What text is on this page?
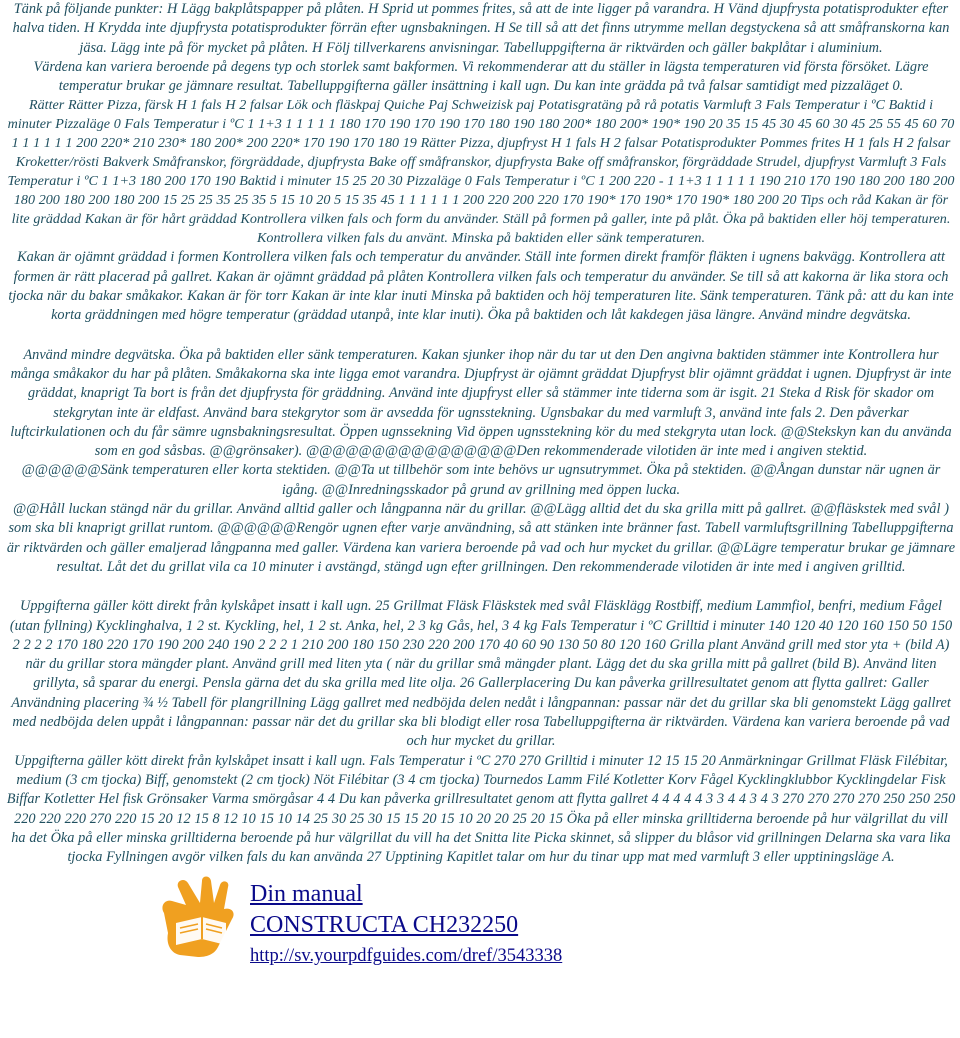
Tänk på följande punkter: H Lägg bakplåtspapper på plåten. H Sprid ut pommes frites, så att de inte ligger på varandra. H Vänd djupfrysta potatisprodukter efter halva tiden. H Krydda inte djupfrysta potatisprodukter förrän efter ugnsbakningen. H Se till så att det finns utrymme mellan degstyckena så att småfranskorna kan jäsa. Lägg inte på för mycket på plåten. H Följ tillverkarens anvisningar. Tabelluppgifterna är riktvärden och gäller bakplåtar i aluminium.

Värdena kan variera beroende på degens typ och storlek samt bakformen. Vi rekommenderar att du ställer in lägsta temperaturen vid första försöket. Lägre temperatur brukar ge jämnare resultat. Tabelluppgifterna gäller insättning i kall ugn. Du kan inte grädda på två falsar samtidigt med pizzaläget 0.

Rätter Rätter Pizza, färsk H 1 fals H 2 falsar Lök och fläskpaj Quiche Paj Schweizisk paj Potatisgratäng på rå potatis Varmluft 3 Fals Temperatur i ºC Baktid i minuter Pizzaläge 0 Fals Temperatur i ºC 1 1+3 1 1 1 1 1 180 170 190 170 190 170 180 190 180 200* 180 200* 190* 190 20 35 15 45 30 45 60 30 45 25 55 45 60 70 1 1 1 1 1 1 200 220* 210 230* 180 200* 200 220* 170 190 170 180 19 Rätter Pizza, djupfryst H 1 fals H 2 falsar Potatisprodukter Pommes frites H 1 fals H 2 falsar Kroketter/rösti Bakverk Småfranskor, förgräddade, djupfrysta Bake off småfranskor, djupfrysta Bake off småfranskor, förgräddade Strudel, djupfryst Varmluft 3 Fals Temperatur i ºC 1 1+3 180 200 170 190 Baktid i minuter 15 25 20 30 Pizzaläge 0 Fals Temperatur i ºC 1 200 220 - 1 1+3 1 1 1 1 1 190 210 170 190 180 200 180 200 180 200 180 200 180 200 15 25 25 35 25 35 5 15 10 20 5 15 35 45 1 1 1 1 1 1 200 220 200 220 170 190* 170 190* 170 190* 180 200 20 Tips och råd Kakan är för lite gräddad Kakan är för hårt gräddad Kontrollera vilken fals och form du använder. Ställ på formen på galler, inte på plåt. Öka på baktiden eller höj temperaturen. Kontrollera vilken fals du använt. Minska på baktiden eller sänk temperaturen.

Kakan är ojämnt gräddad i formen Kontrollera vilken fals och temperatur du använder. Ställ inte formen direkt framför fläkten i ugnens bakvägg. Kontrollera att formen är rätt placerad på gallret. Kakan är ojämnt gräddad på plåten Kontrollera vilken fals och temperatur du använder. Se till så att kakorna är lika stora och tjocka när du bakar småkakor. Kakan är för torr Kakan är inte klar inuti Minska på baktiden och höj temperaturen lite. Sänk temperaturen. Tänk på: att du kan inte korta gräddningen med högre temperatur (gräddad utanpå, inte klar inuti). Öka på baktiden och låt kakdegen jäsa längre. Använd mindre degvätska.

Använd mindre degvätska. Öka på baktiden eller sänk temperaturen. Kakan sjunker ihop när du tar ut den Den angivna baktiden stämmer inte Kontrollera hur många småkakor du har på plåten. Småkakorna ska inte ligga emot varandra. Djupfryst är ojämnt gräddat Djupfryst blir ojämnt gräddat i ugnen. Djupfryst är inte gräddat, knaprigt Ta bort is från det djupfrysta för gräddning. Använd inte djupfryst eller så stämmer inte tiderna som är isgit. 21 Steka d Risk för skador om stekgrytan inte är eldfast. Använd bara stekgrytor som är avsedda för ugnsstekning. Ugnsbakar du med varmluft 3, använd inte fals 2. Den påverkar luftcirkulationen och du får sämre ugnsbakningsresultat. Öppen ugnssekning Vid öppen ugnsstekning kör du med stekgryta utan lock. @@Stekskyn kan du använda som en god såsbas. @@grönsaker). @@@@@@@@@@@@@@@@Den rekommenderade vilotiden är inte med i angiven stektid.

@@@@@@Sänk temperaturen eller korta stektiden. @@Ta ut tillbehör som inte behövs ur ugnsutrymmet. Öka på stektiden. @@Ångan dunstar när ugnen är igång. @@Inredningsskador på grund av grillning med öppen lucka.

@@Håll luckan stängd när du grillar. Använd alltid galler och långpanna när du grillar. @@Lägg alltid det du ska grilla mitt på gallret. @@fläskstek med svål ) som ska bli knaprigt grillat runtom. @@@@@@Rengör ugnen efter varje användning, så att stänken inte bränner fast. Tabell varmluftsgrillning Tabelluppgifterna är riktvärden och gäller emaljerad långpanna med galler. Värdena kan variera beroende på vad och hur mycket du grillar. @@Lägre temperatur brukar ge jämnare resultat. Låt det du grillat vila ca 10 minuter i avstängd, stängd ugn efter grillningen. Den rekommenderade vilotiden är inte med i angiven grilltid.

Uppgifterna gäller kött direkt från kylskåpet insatt i kall ugn. 25 Grillmat Fläsk Fläskstek med svål Fläsklägg Rostbiff, medium Lammfiol, benfri, medium Fågel (utan fyllning) Kycklinghalva, 1 2 st. Kyckling, hel, 1 2 st. Anka, hel, 2 3 kg Gås, hel, 3 4 kg Fals Temperatur i ºC Grilltid i minuter 140 120 40 120 160 150 50 150 2 2 2 2 170 180 220 170 190 200 240 190 2 2 2 1 210 200 180 150 230 220 200 170 40 60 90 130 50 80 120 160 Grilla plant Använd grill med stor yta + (bild A) när du grillar stora mängder plant. Använd grill med liten yta ( när du grillar små mängder plant. Lägg det du ska grilla mitt på gallret (bild B). Använd liten grillyta, så sparar du energi. Pensla gärna det du ska grilla med lite olja. 26 Gallerplacering Du kan påverka grillresultatet genom att flytta gallret: Galler Användning placering ¾ ½ Tabell för plangrillning Lägg gallret med nedböjda delen nedåt i långpannan: passar när det du grillar ska bli genomstekt Lägg gallret med nedböjda delen uppåt i långpannan: passar när det du grillar ska bli blodigt eller rosa Tabelluppgifterna är riktvärden. Värdena kan variera beroende på vad och hur mycket du grillar.

Uppgifterna gäller kött direkt från kylskåpet insatt i kall ugn. Fals Temperatur i ºC 270 270 Grilltid i minuter 12 15 15 20 Anmärkningar Grillmat Fläsk Filébitar, medium (3 cm tjocka) Biff, genomstekt (2 cm tjock) Nöt Filébitar (3 4 cm tjocka) Tournedos Lamm Filé Kotletter Korv Fågel Kycklingklubbor Kycklingdelar Fisk Biffar Kotletter Hel fisk Grönsaker Varma smörgåsar 4 4 Du kan påverka grillresultatet genom att flytta gallret 4 4 4 4 4 3 3 4 4 3 4 3 270 270 270 270 250 250 250 220 220 220 270 220 15 20 12 15 8 12 10 15 10 14 25 30 25 30 15 15 20 15 10 20 20 25 20 15 Öka på eller minska grilltiderna beroende på hur välgrillat du vill ha det Öka på eller minska grilltiderna beroende på hur välgrillat du vill ha det Snitta lite Picka skinnet, så slipper du blåsor vid grillningen Delarna ska vara lika tjocka Fyllningen avgör vilken fals du kan använda 27 Upptining Kapitlet talar om hur du tinar upp mat med varmluft 3 eller upptiningsläge A.

Din manual
CONSTRUCTA CH232250
http://sv.yourpdfguides.com/dref/3543338
